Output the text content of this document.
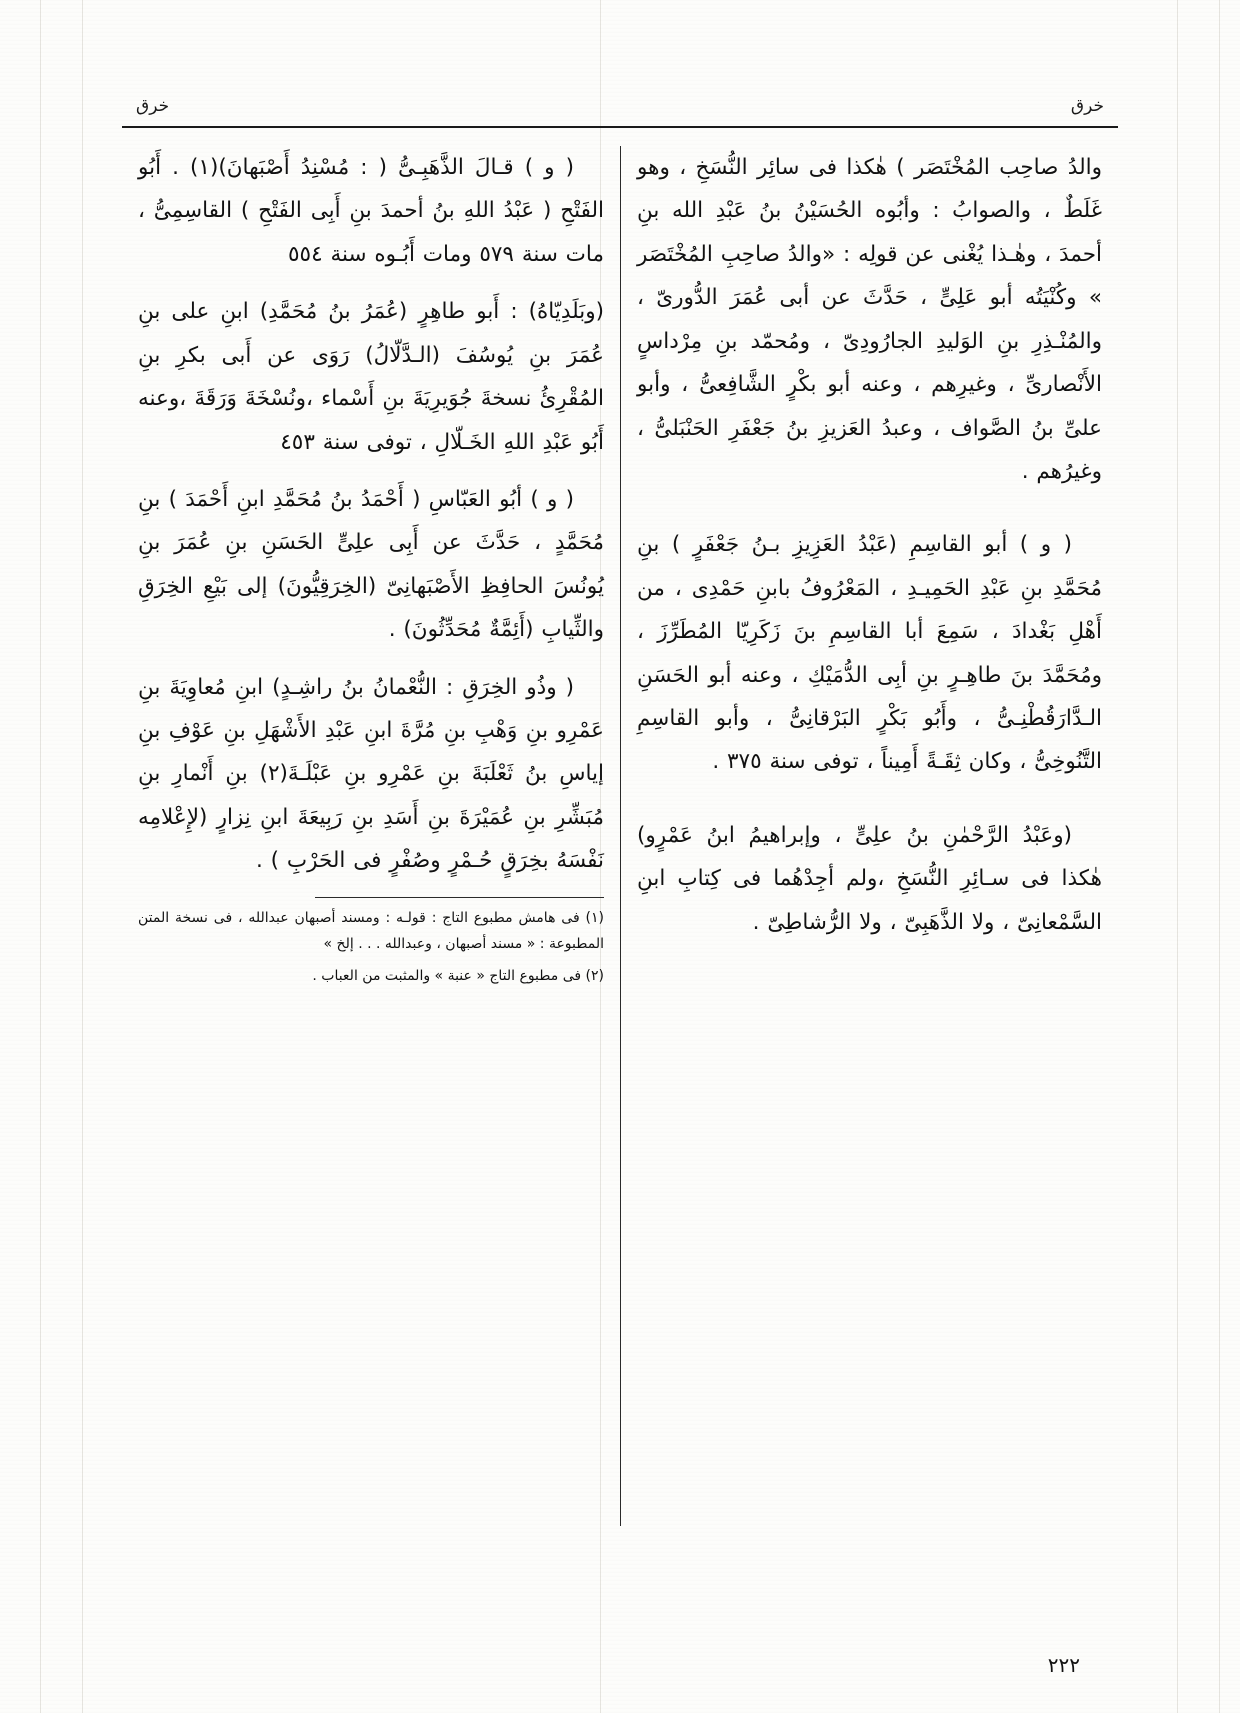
خرق
خرق

والدُ صاحِب المُخْتَصَر ) هٰكذا فى سائِر النُّسَخِ ، وهو غَلَطٌ ، والصوابُ : وأبُوه الحُسَيْنُ بنُ عَبْدِ الله بنِ أحمدَ ، وهٰـذا يُغْنى عن قولِه : «والدُ صاحِبِ المُخْتَصَر » وكُنْيَتُه أبو عَلِىٍّ ، حَدَّثَ عن أبى عُمَرَ الدُّورىّ ، والمُنْـذِرِ بنِ الوَليدِ الجارُودِىّ ، ومُحمّد بنِ مِرْداسٍ الأَنْصارىِّ ، وغيرِهم ، وعنه أبو بكْرٍ الشَّافِعىُّ ، وأبو علىِّ بنُ الصَّواف ، وعبدُ العَزيزِ بنُ جَعْفَرِ الحَنْبَلىُّ ، وغيرُهم .

( و ) أبو القاسِمِ (عَبْدُ العَزِيزِ بـنُ جَعْفَرٍ ) بنِ مُحَمَّدِ بنِ عَبْدِ الحَمِيـدِ ، المَعْرُوفُ بابنِ حَمْدِى ، من أَهْلِ بَغْدادَ ، سَمِعَ أبا القاسِمِ بنَ زَكَرِيّا المُطَرِّزَ ، ومُحَمَّدَ بنَ طاهِـرٍ بنِ أبِى الدُّمَيْكِ ، وعنه أبو الحَسَنِ الـدَّارَقُطْنِـىُّ ، وأَبُو بَكْرٍ البَرْقانِىُّ ، وأبو القاسِمِ التَّنُوخِىُّ ، وكان ثِقَـةً أَمِيناً ، توفى سنة ٣٧٥ .

(وعَبْدُ الرَّحْمٰنِ بنُ علِىٍّ ، وإبراهيمُ ابنُ عَمْرٍو) هٰكذا فى سـائِرِ النُّسَخِ ،ولم أجِدْهُما فى كِتابِ ابنِ السَّمْعانِىّ ، ولا الذَّهَبِىّ ، ولا الرُّشاطِىّ .

( و ) قـالَ الذَّهَبِـىُّ ( : مُسْنِدُ أَصْبَهانَ)(١) . أَبُو الفَتْحِ ( عَبْدُ اللهِ بنُ أحمدَ بنِ أَبِى الفَتْحِ ) القاسِمِىُّ ، مات سنة ٥٧٩ ومات أَبُـوه سنة ٥٥٤

(وبَلَدِيّاهُ) : أَبو طاهِرٍ (عُمَرُ بنُ مُحَمَّدِ) ابنِ على بنِ عُمَرَ بنِ يُوسُفَ (الـدَّلّالُ) رَوَى عن أَبى بكرِ بنِ المُقْرِئُ نسخةَ جُوَيرِيَةَ بنِ أَسْماء ،ونُسْخَةَ وَرَقَةَ ،وعنه أَبُو عَبْدِ اللهِ الخَـلّالِ ، توفى سنة ٤٥٣

( و ) أبُو العَبّاسِ ( أَحْمَدُ بنُ مُحَمَّدِ ابنِ أَحْمَدَ ) بنِ مُحَمَّدٍ ، حَدَّثَ عن أَبِى علِىٍّ الحَسَنِ بنِ عُمَرَ بنِ يُونُسَ الحافِظِ الأَصْبَهانِىّ (الخِرَقِيُّونَ) إلى بَيْعِ الخِرَقِ والثِّيابِ (أَئِمَّةٌ مُحَدِّثُونَ) .

( وذُو الخِرَقِ : النُّعْمانُ بنُ راشِـدٍ) ابنِ مُعاوِيَةَ بنِ عَمْرِو بنِ وَهْبِ بنِ مُرَّةَ ابنِ عَبْدِ الأَشْهَلِ بنِ عَوْفِ بنِ إياسِ بنُ ثَعْلَبَةَ بنِ عَمْرِو بنِ عَبْلَـةَ(٢) بنِ أَنْمارِ بنِ مُبَشِّرِ بنِ عُمَيْرَةَ بنِ أَسَدِ بنِ رَبِيعَةَ ابنِ نِزارٍ (لإِعْلامِه نَفْسَهُ بخِرَقٍ حُـمْرٍ وصُفْرٍ فى الحَرْبِ ) .

(١) فى هامش مطبوع التاج : قولـه : ومسند أصبهان عبدالله ، فى نسخة المتن المطبوعة : « مسند أصبهان ، وعبدالله . . . إلخ »

(٢) فى مطبوع التاج « عنبة » والمثبت من العباب .

٢٢٢
